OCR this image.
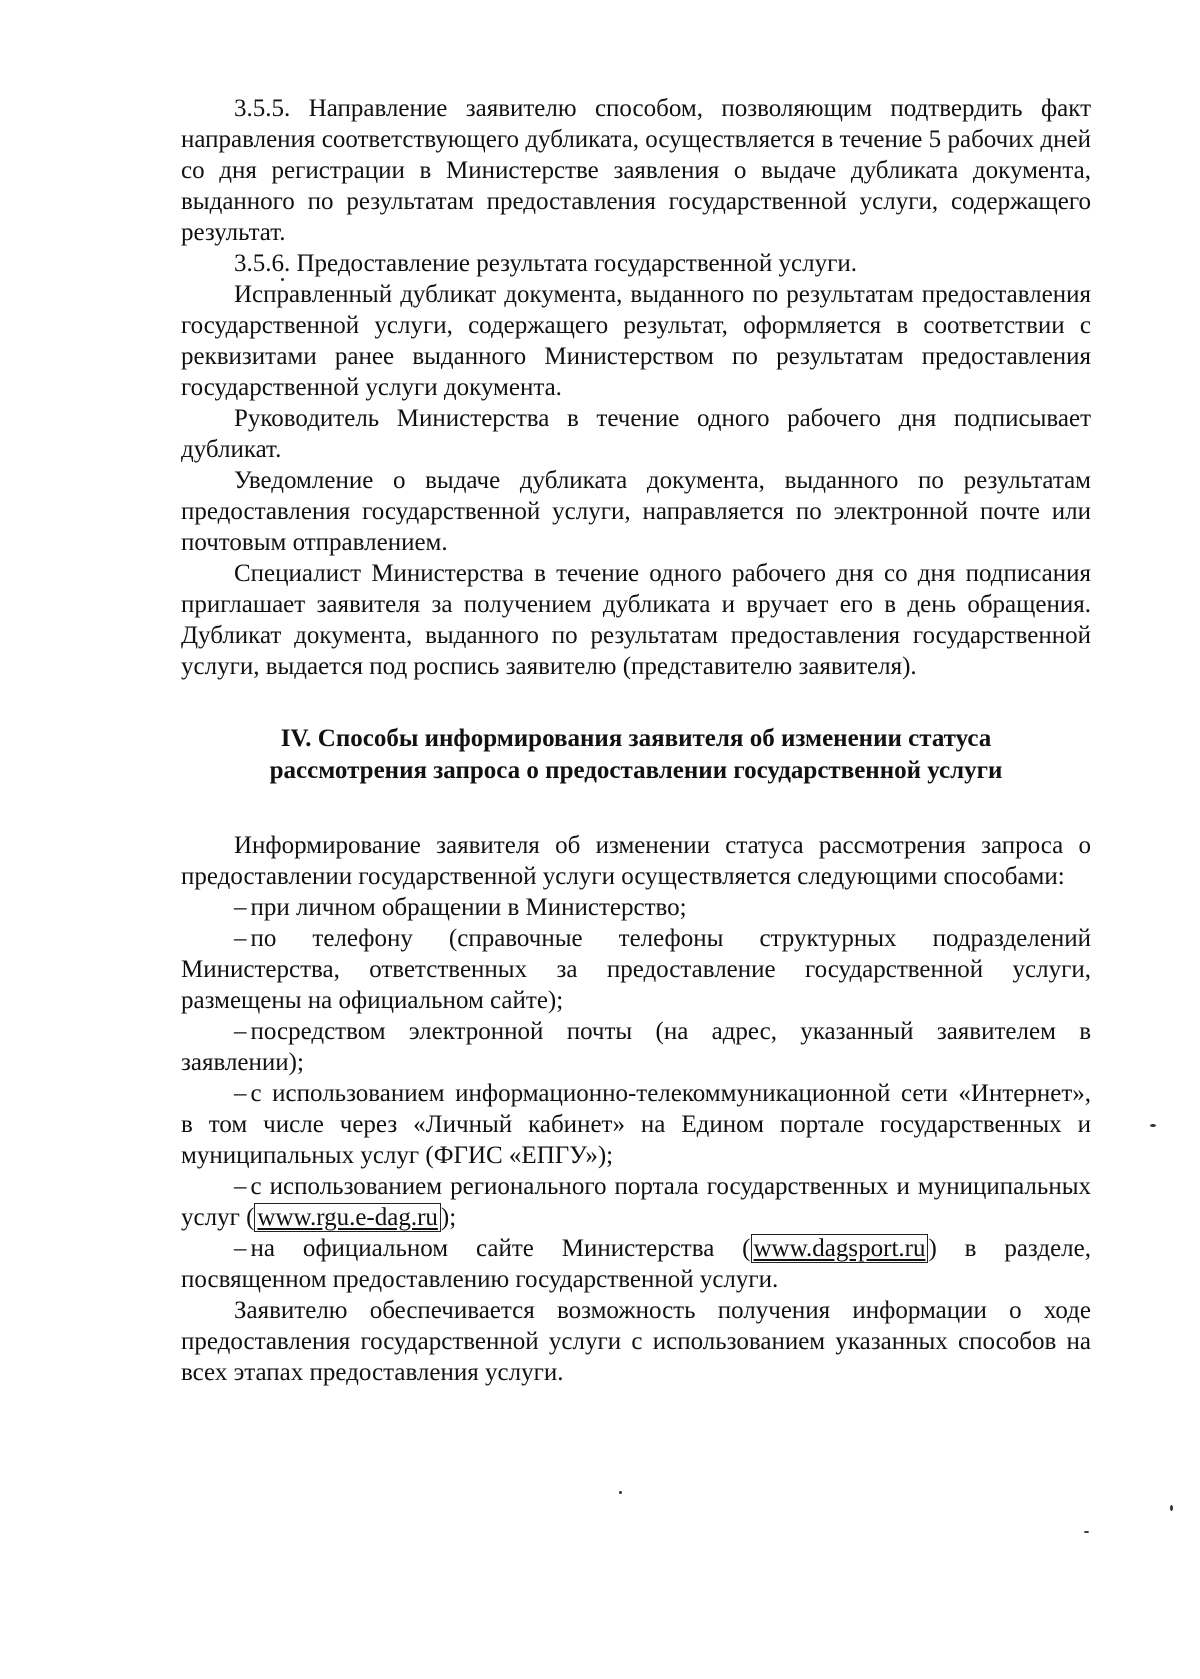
3.5.5. Направление заявителю способом, позволяющим подтвердить факт направления соответствующего дубликата, осуществляется в течение 5 рабочих дней со дня регистрации в Министерстве заявления о выдаче дубликата документа, выданного по результатам предоставления государственной услуги, содержащего результат.

3.5.6. Предоставление результата государственной услуги.

Исправленный дубликат документа, выданного по результатам предоставления государственной услуги, содержащего результат, оформляется в соответствии с реквизитами ранее выданного Министерством по результатам предоставления государственной услуги документа.

Руководитель Министерства в течение одного рабочего дня подписывает дубликат.

Уведомление о выдаче дубликата документа, выданного по результатам предоставления государственной услуги, направляется по электронной почте или почтовым отправлением.

Специалист Министерства в течение одного рабочего дня со дня подписания приглашает заявителя за получением дубликата и вручает его в день обращения. Дубликат документа, выданного по результатам предоставления государственной услуги, выдается под роспись заявителю (представителю заявителя).

IV. Способы информирования заявителя об изменении статуса
рассмотрения запроса о предоставлении государственной услуги

Информирование заявителя об изменении статуса рассмотрения запроса о предоставлении государственной услуги осуществляется следующими способами:

– при личном обращении в Министерство;

– по телефону (справочные телефоны структурных подразделений Министерства, ответственных за предоставление государственной услуги, размещены на официальном сайте);

– посредством электронной почты (на адрес, указанный заявителем в заявлении);

– с использованием информационно-телекоммуникационной сети «Интернет», в том числе через «Личный кабинет» на Едином портале государственных и муниципальных услуг (ФГИС «ЕПГУ»);

– с использованием регионального портала государственных и муниципальных услуг ( www.rgu.e-dag.ru );

– на официальном сайте Министерства ( www.dagsport.ru ) в разделе, посвященном предоставлению государственной услуги.

Заявителю обеспечивается возможность получения информации о ходе предоставления государственной услуги с использованием указанных способов на всех этапах предоставления услуги.
